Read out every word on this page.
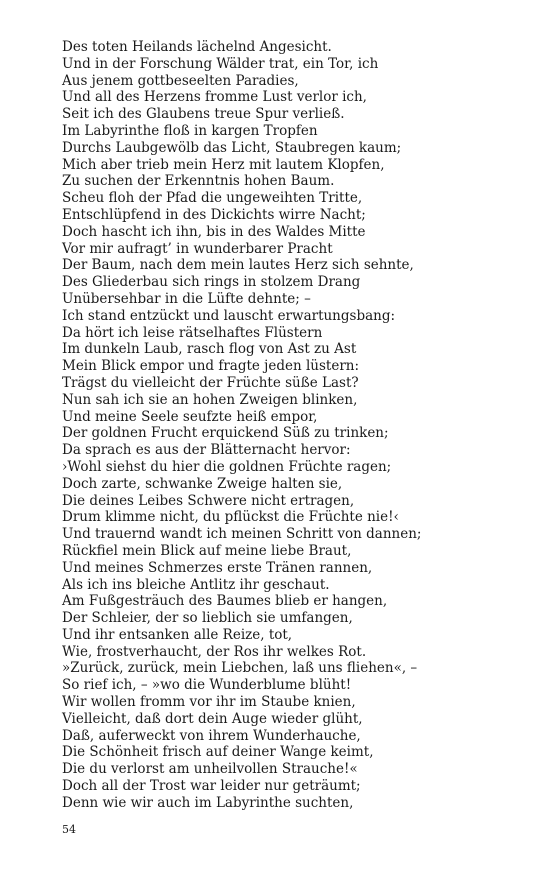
Des toten Heilands lächelnd Angesicht.
Und in der Forschung Wälder trat, ein Tor, ich
Aus jenem gottbeseelten Paradies,
Und all des Herzens fromme Lust verlor ich,
Seit ich des Glaubens treue Spur verließ.
Im Labyrinthe floß in kargen Tropfen
Durchs Laubgewölb das Licht, Staubregen kaum;
Mich aber trieb mein Herz mit lautem Klopfen,
Zu suchen der Erkenntnis hohen Baum.
Scheu floh der Pfad die ungeweihten Tritte,
Entschlüpfend in des Dickichts wirre Nacht;
Doch hascht ich ihn, bis in des Waldes Mitte
Vor mir aufragt’ in wunderbarer Pracht
Der Baum, nach dem mein lautes Herz sich sehnte,
Des Gliederbau sich rings in stolzem Drang
Unübersehbar in die Lüfte dehnte; –
Ich stand entzückt und lauscht erwartungsbang:
Da hört ich leise rätselhaftes Flüstern
Im dunkeln Laub, rasch flog von Ast zu Ast
Mein Blick empor und fragte jeden lüstern:
Trägst du vielleicht der Früchte süße Last?
Nun sah ich sie an hohen Zweigen blinken,
Und meine Seele seufzte heiß empor,
Der goldnen Frucht erquickend Süß zu trinken;
Da sprach es aus der Blätternacht hervor:
›Wohl siehst du hier die goldnen Früchte ragen;
Doch zarte, schwanke Zweige halten sie,
Die deines Leibes Schwere nicht ertragen,
Drum klimme nicht, du pflückst die Früchte nie!‹
Und trauernd wandt ich meinen Schritt von dannen;
Rückfiel mein Blick auf meine liebe Braut,
Und meines Schmerzes erste Tränen rannen,
Als ich ins bleiche Antlitz ihr geschaut.
Am Fußgesträuch des Baumes blieb er hangen,
Der Schleier, der so lieblich sie umfangen,
Und ihr entsanken alle Reize, tot,
Wie, frostverhaucht, der Ros ihr welkes Rot.
»Zurück, zurück, mein Liebchen, laß uns fliehen«, –
So rief ich, – »wo die Wunderblume blüht!
Wir wollen fromm vor ihr im Staube knien,
Vielleicht, daß dort dein Auge wieder glüht,
Daß, auferweckt von ihrem Wunderhauche,
Die Schönheit frisch auf deiner Wange keimt,
Die du verlorst am unheilvollen Strauche!«
Doch all der Trost war leider nur geträumt;
Denn wie wir auch im Labyrinthe suchten,
54
